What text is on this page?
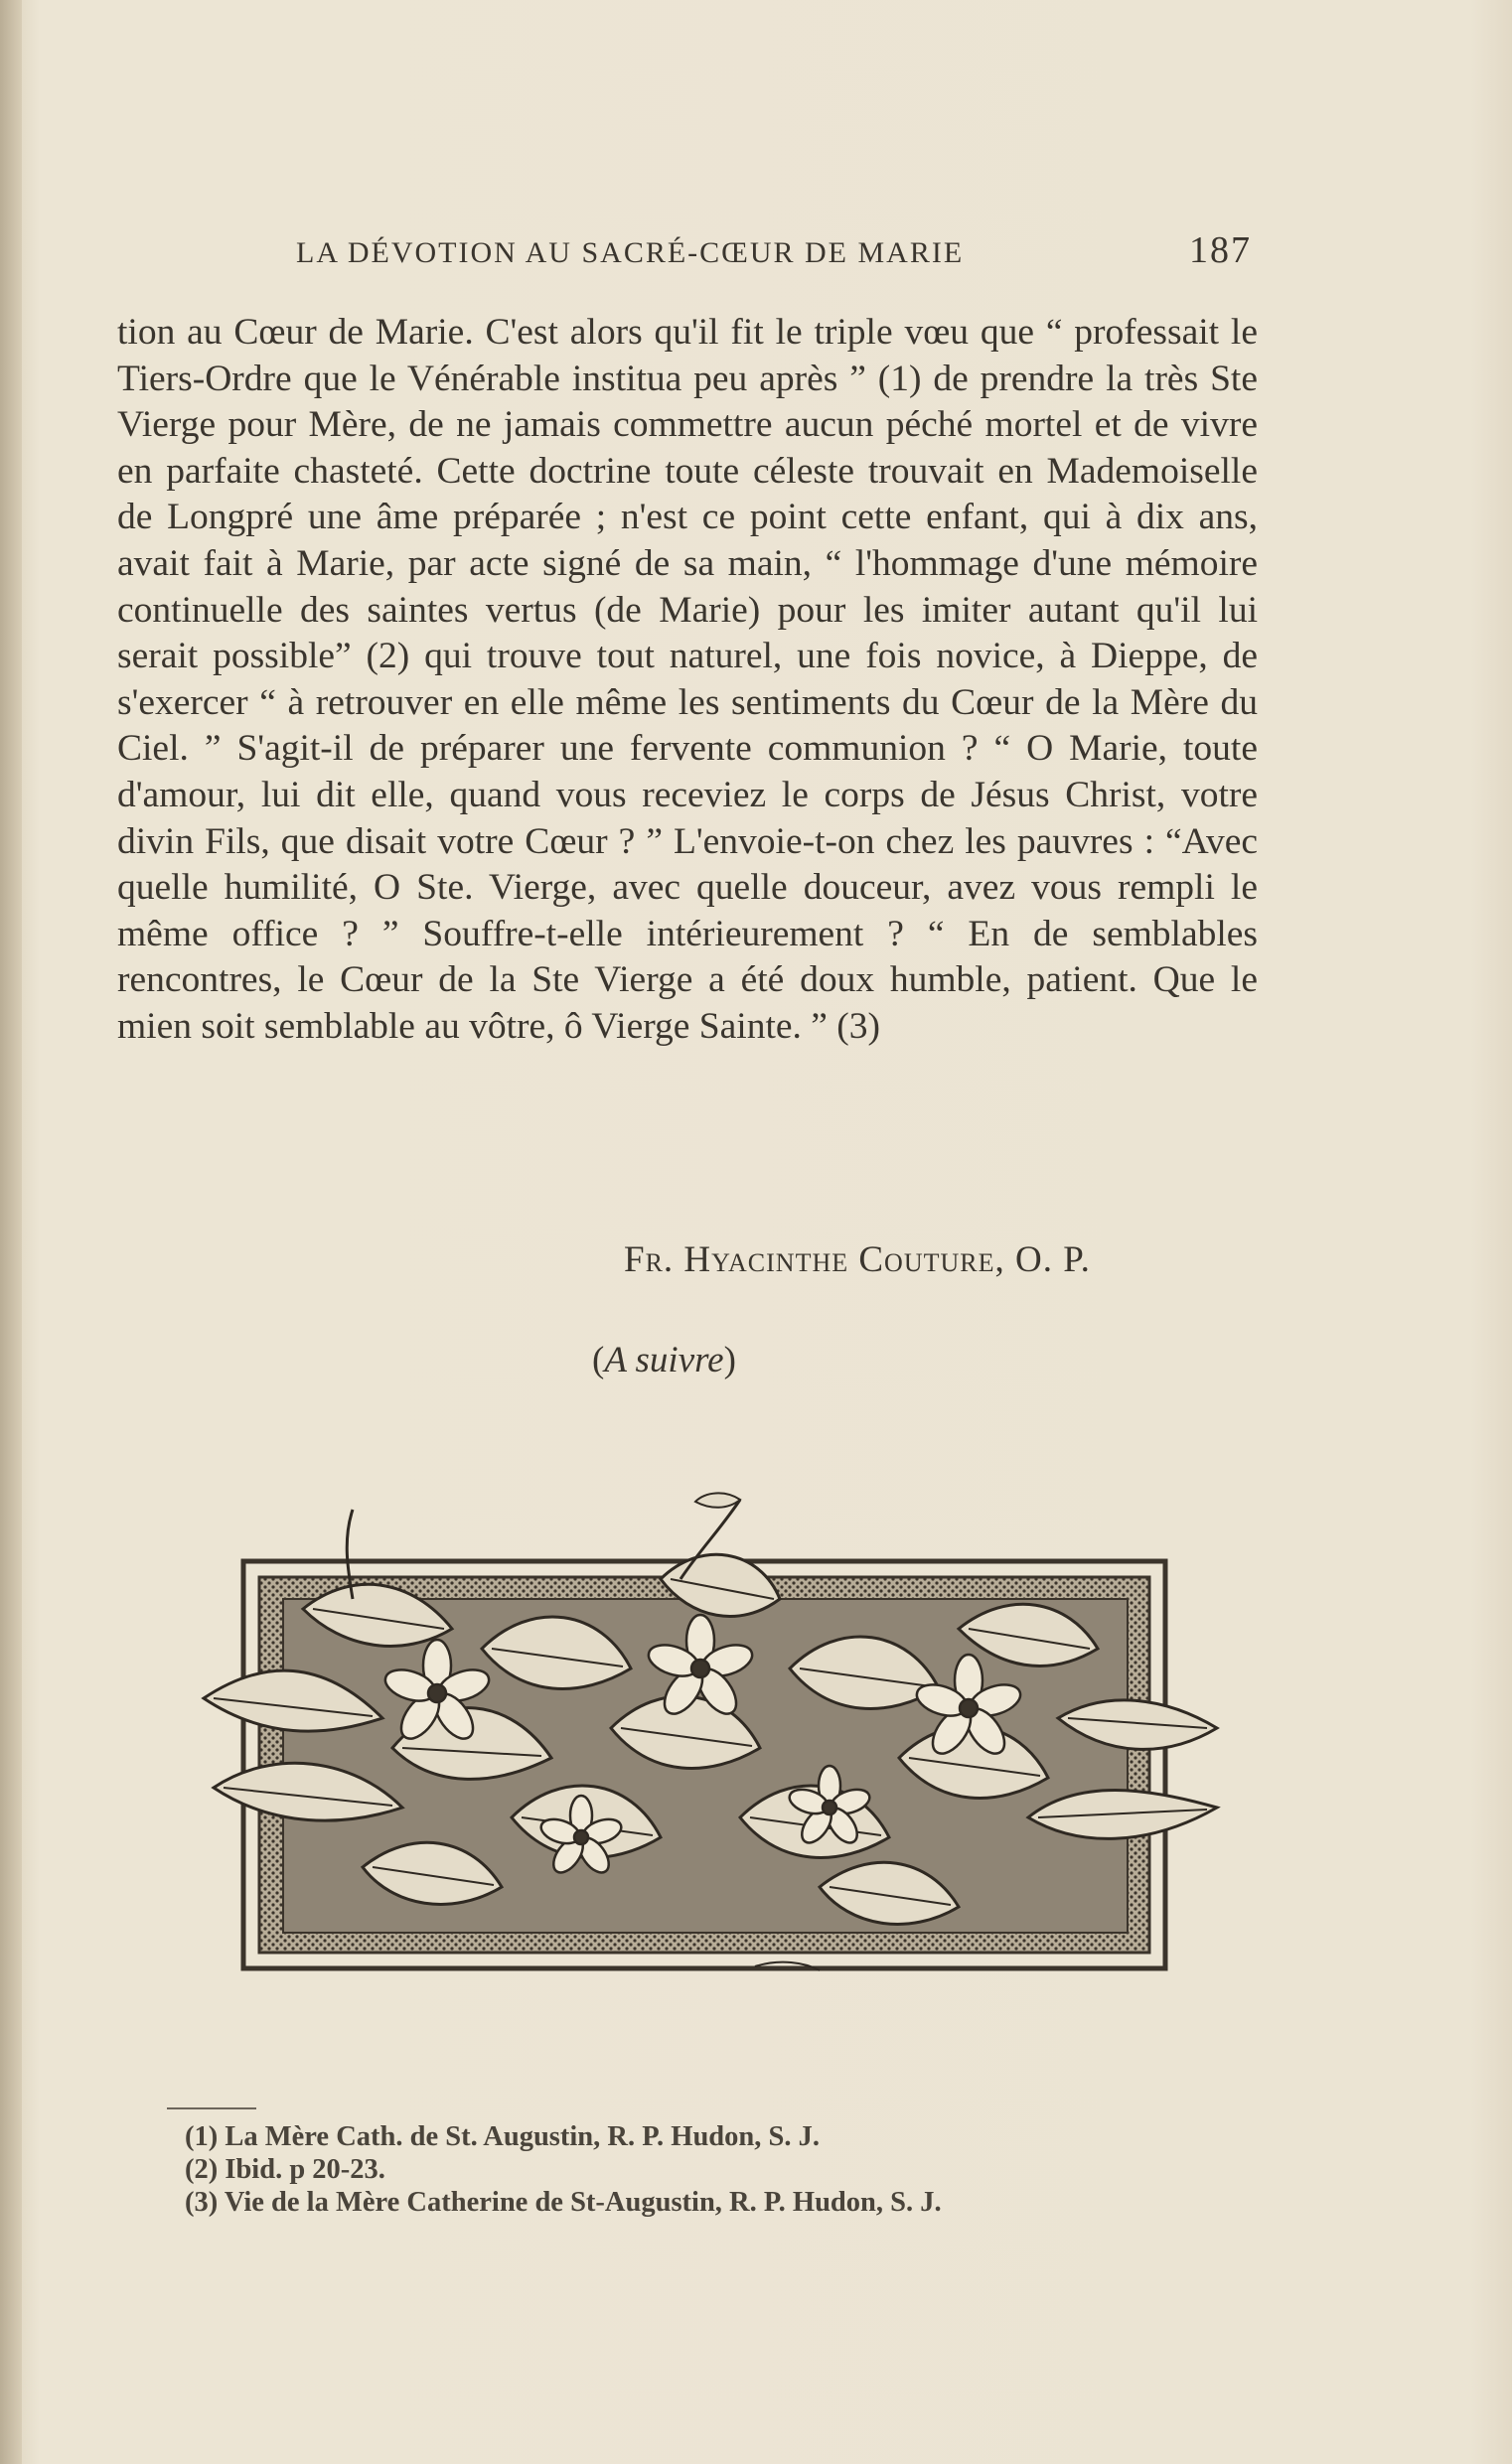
LA DÉVOTION AU SACRÉ-CŒUR DE MARIE	187

tion au Cœur de Marie. C'est alors qu'il fit le triple vœu que “ professait le Tiers-Ordre que le Vénérable institua peu après ” (1) de prendre la très Ste Vierge pour Mère, de ne jamais commettre aucun péché mortel et de vivre en parfaite chasteté. Cette doctrine toute céleste trouvait en Mademoiselle de Longpré une âme préparée ; n'est ce point cette enfant, qui à dix ans, avait fait à Marie, par acte signé de sa main, “ l'hommage d'une mémoire continuelle des saintes vertus (de Marie) pour les imiter autant qu'il lui serait possible” (2) qui trouve tout naturel, une fois novice, à Dieppe, de s'exercer “ à retrouver en elle même les sentiments du Cœur de la Mère du Ciel. ” S'agit-il de préparer une fervente communion ? “ O Marie, toute d'amour, lui dit elle, quand vous receviez le corps de Jésus Christ, votre divin Fils, que disait votre Cœur ? ” L'envoie-t-on chez les pauvres : “Avec quelle humilité, O Ste. Vierge, avec quelle douceur, avez vous rempli le même office ? ” Souffre-t-elle intérieurement ? “ En de semblables rencontres, le Cœur de la Ste Vierge a été doux humble, patient. Que le mien soit semblable au vôtre, ô Vierge Sainte. ” (3)

Fr. Hyacinthe Couture, O. P.
(A suivre)
(1) La Mère Cath. de St. Augustin, R. P. Hudon, S. J.
(2) Ibid. p 20-23.
(3) Vie de la Mère Catherine de St-Augustin, R. P. Hudon, S. J.
